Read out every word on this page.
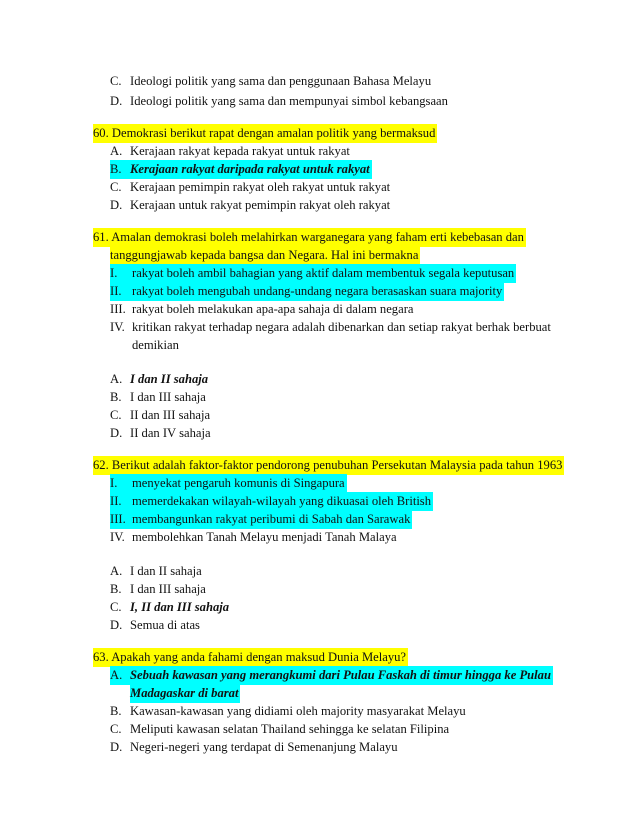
C. Ideologi politik yang sama dan penggunaan Bahasa Melayu
D. Ideologi politik yang sama dan mempunyai simbol kebangsaan
60. Demokrasi berikut rapat dengan amalan politik yang bermaksud
A. Kerajaan rakyat kepada rakyat untuk rakyat
B. Kerajaan rakyat daripada rakyat untuk rakyat
C. Kerajaan pemimpin rakyat oleh rakyat untuk rakyat
D. Kerajaan untuk rakyat pemimpin rakyat oleh rakyat
61. Amalan demokrasi boleh melahirkan warganegara yang faham erti kebebasan dan
tanggungjawab kepada bangsa dan Negara. Hal ini bermakna
I.	rakyat boleh ambil bahagian yang aktif dalam membentuk segala keputusan
II. rakyat boleh mengubah undang-undang negara berasaskan suara majority
III. rakyat boleh melakukan apa-apa sahaja di dalam negara
IV. kritikan rakyat terhadap negara adalah dibenarkan dan setiap rakyat berhak berbuat
demikian
A. I dan II sahaja
B. I dan III sahaja
C. II dan III sahaja
D. II dan IV sahaja
62. Berikut adalah faktor-faktor pendorong penubuhan Persekutan Malaysia pada tahun 1963
I.	menyekat pengaruh komunis di Singapura
II. memerdekakan wilayah-wilayah yang dikuasai oleh British
III. membangunkan rakyat peribumi di Sabah dan Sarawak
IV. membolehkan Tanah Melayu menjadi Tanah Malaya
A. I dan II sahaja
B. I dan III sahaja
C. I, II dan III sahaja
D. Semua di atas
63. Apakah yang anda fahami dengan maksud Dunia Melayu?
A. Sebuah kawasan yang merangkumi dari Pulau Faskah di timur hingga ke Pulau
Madagaskar di barat
B. Kawasan-kawasan yang didiami oleh majority masyarakat Melayu
C. Meliputi kawasan selatan Thailand sehingga ke selatan Filipina
D. Negeri-negeri yang terdapat di Semenanjung Malayu
